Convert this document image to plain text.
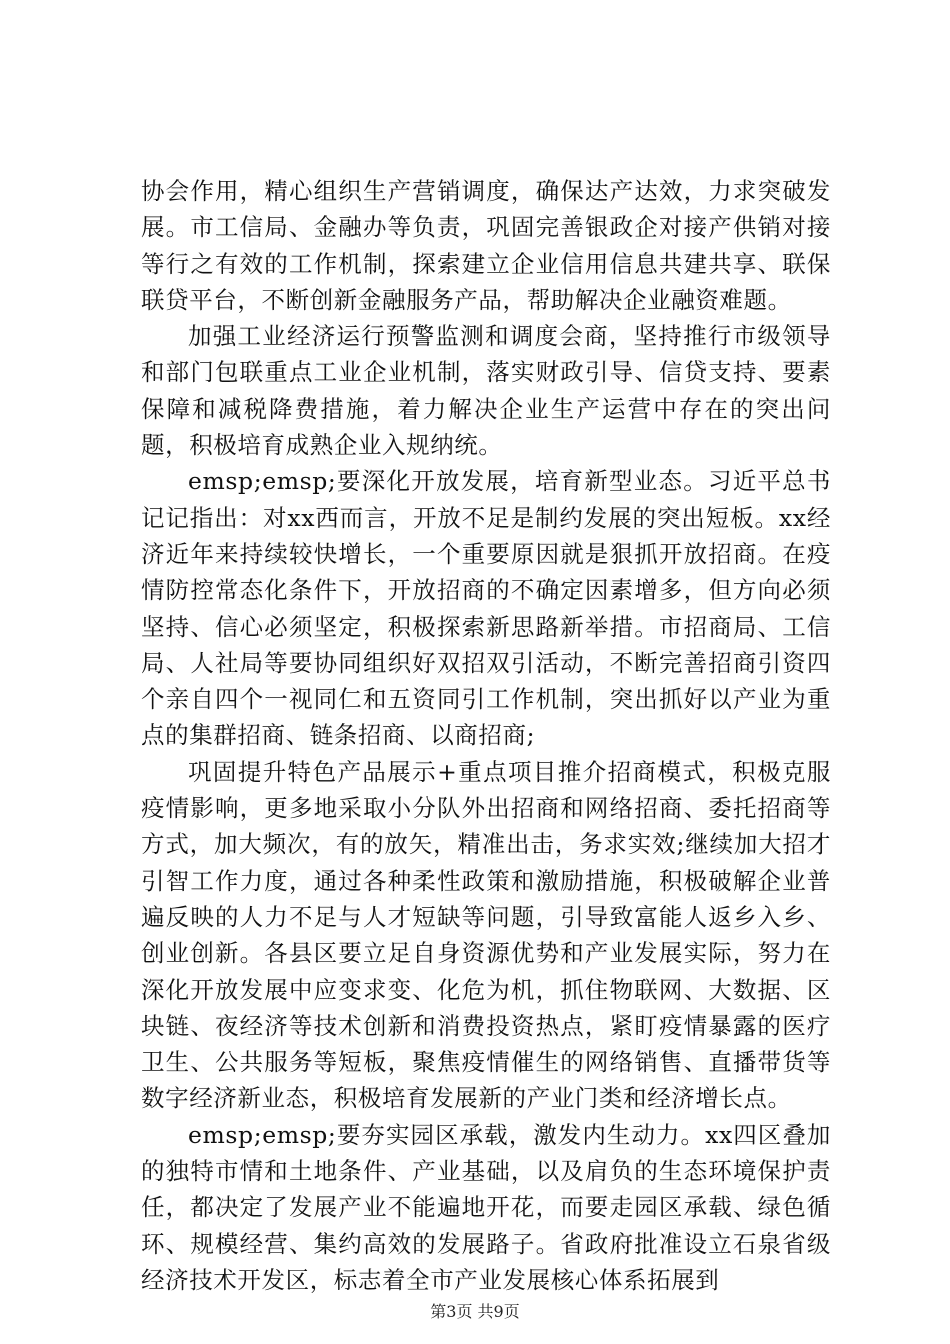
协会作用，精心组织生产营销调度，确保达产达效，力求突破发展。市工信局、金融办等负责，巩固完善银政企对接产供销对接等行之有效的工作机制，探索建立企业信用信息共建共享、联保联贷平台，不断创新金融服务产品，帮助解决企业融资难题。

加强工业经济运行预警监测和调度会商，坚持推行市级领导和部门包联重点工业企业机制，落实财政引导、信贷支持、要素保障和减税降费措施，着力解决企业生产运营中存在的突出问题，积极培育成熟企业入规纳统。

emsp;emsp;要深化开放发展，培育新型业态。习近平总书记记指出：对xx西而言，开放不足是制约发展的突出短板。xx经济近年来持续较快增长，一个重要原因就是狠抓开放招商。在疫情防控常态化条件下，开放招商的不确定因素增多，但方向必须坚持、信心必须坚定，积极探索新思路新举措。市招商局、工信局、人社局等要协同组织好双招双引活动，不断完善招商引资四个亲自四个一视同仁和五资同引工作机制，突出抓好以产业为重点的集群招商、链条招商、以商招商;

巩固提升特色产品展示+重点项目推介招商模式，积极克服疫情影响，更多地采取小分队外出招商和网络招商、委托招商等方式，加大频次，有的放矢，精准出击，务求实效;继续加大招才引智工作力度，通过各种柔性政策和激励措施，积极破解企业普遍反映的人力不足与人才短缺等问题，引导致富能人返乡入乡、创业创新。各县区要立足自身资源优势和产业发展实际，努力在深化开放发展中应变求变、化危为机，抓住物联网、大数据、区块链、夜经济等技术创新和消费投资热点，紧盯疫情暴露的医疗卫生、公共服务等短板，聚焦疫情催生的网络销售、直播带货等数字经济新业态，积极培育发展新的产业门类和经济增长点。

emsp;emsp;要夯实园区承载，激发内生动力。xx四区叠加的独特市情和土地条件、产业基础，以及肩负的生态环境保护责任，都决定了发展产业不能遍地开花，而要走园区承载、绿色循环、规模经营、集约高效的发展路子。省政府批准设立石泉省级经济技术开发区，标志着全市产业发展核心体系拓展到

第3页 共9页
